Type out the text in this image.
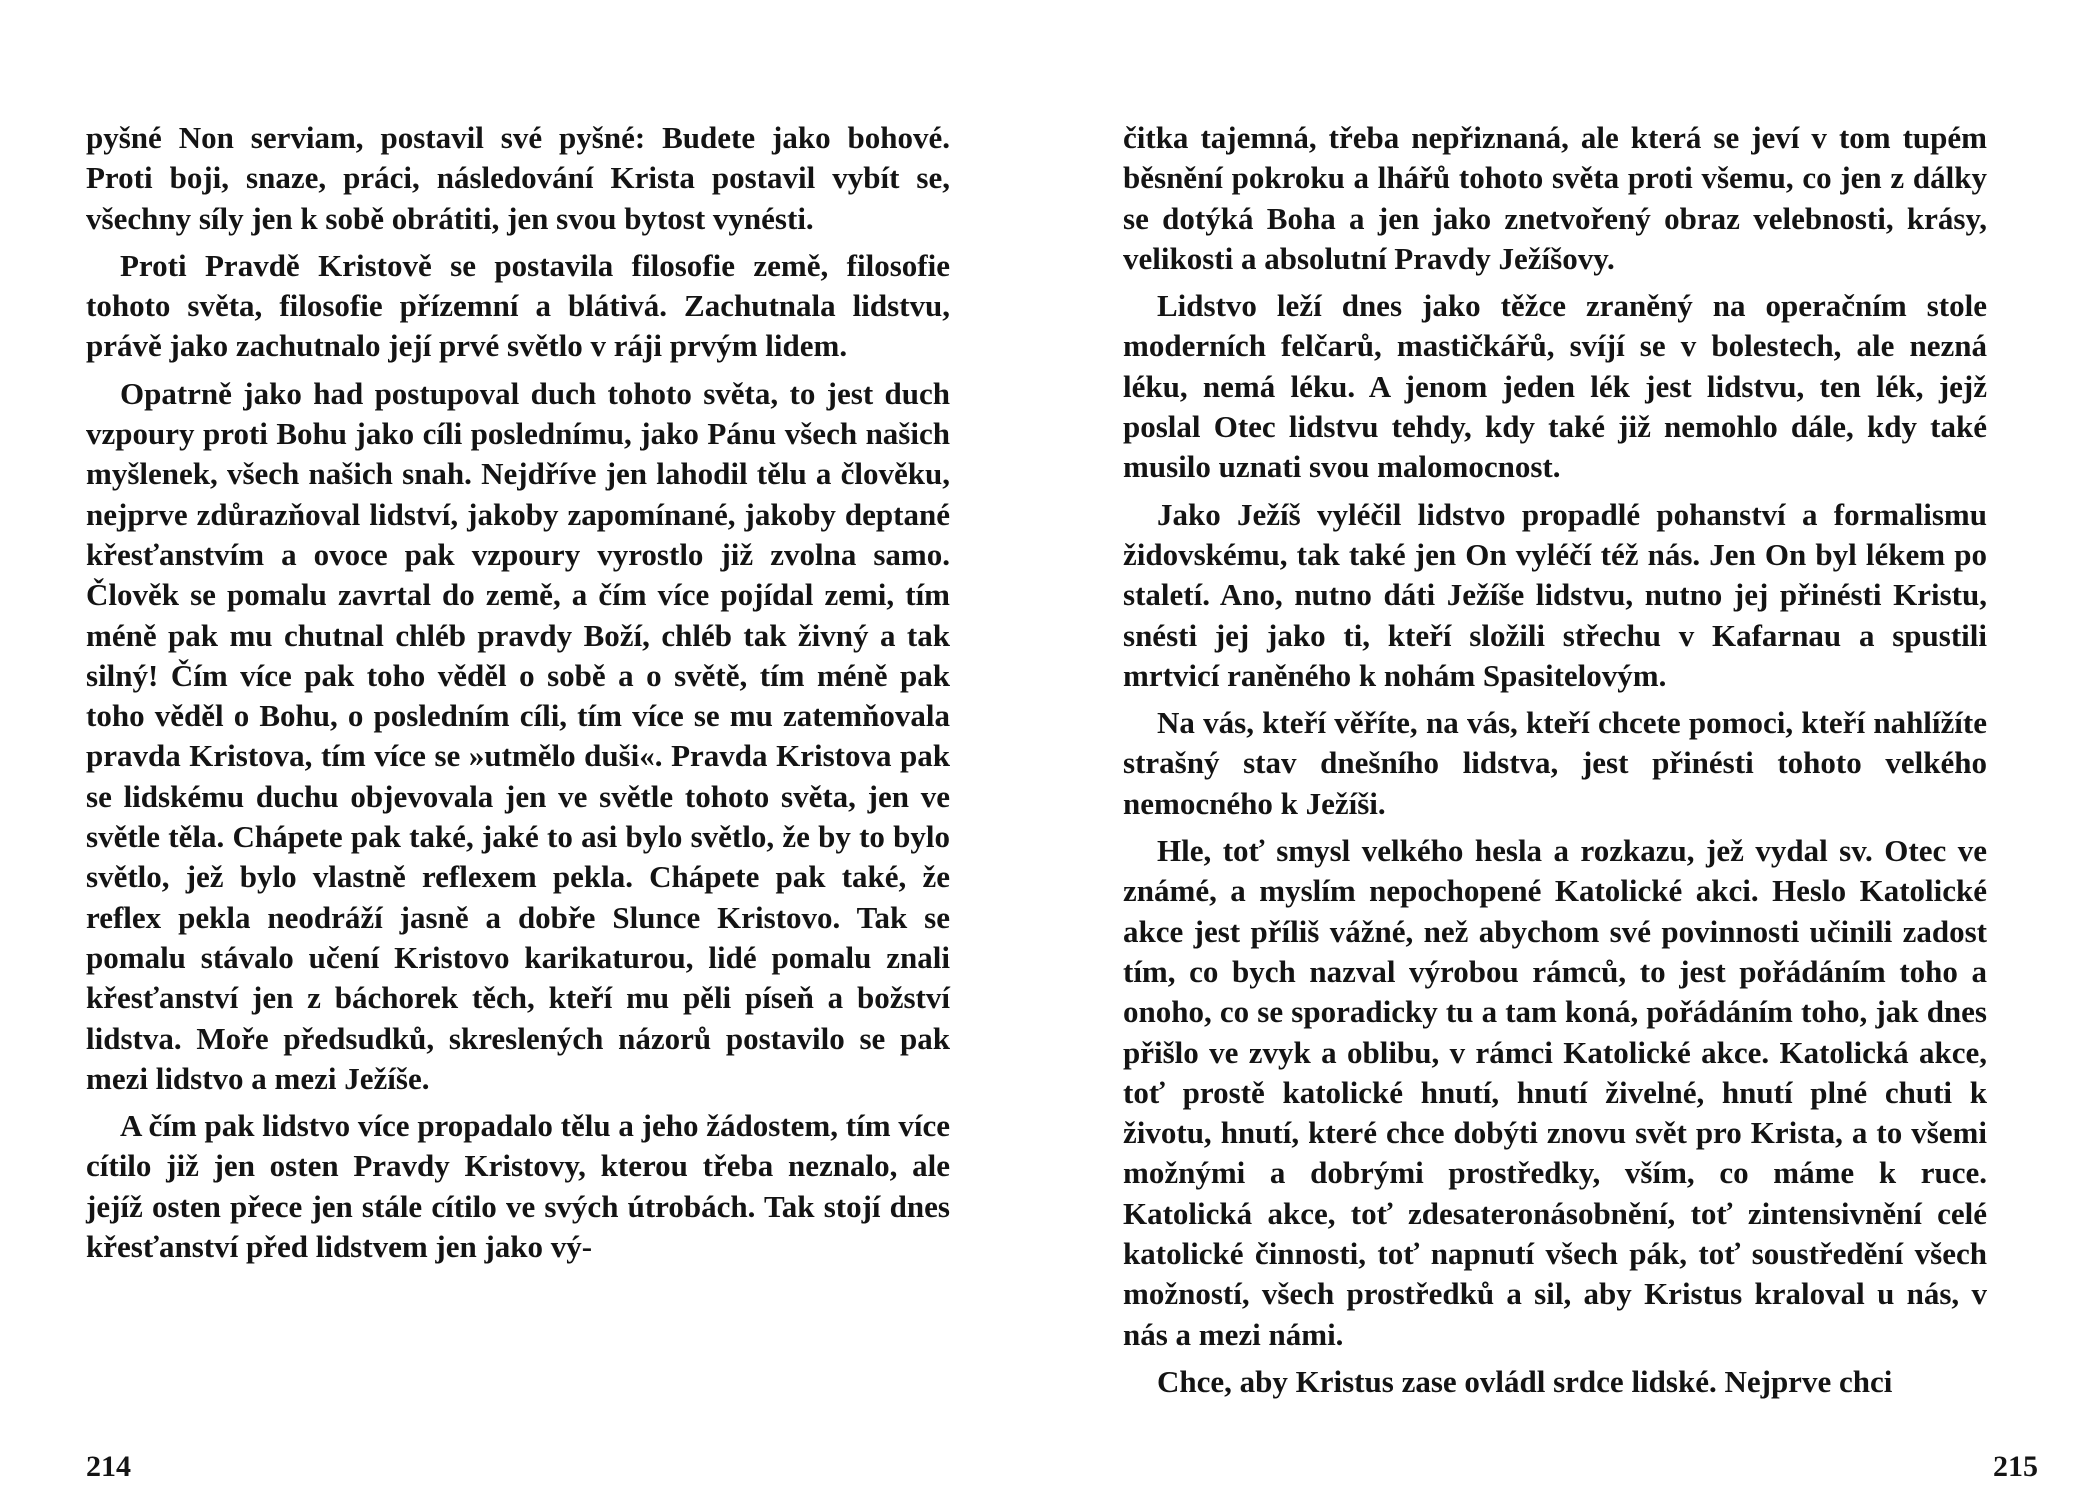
pyšné Non serviam, postavil své pyšné: Budete jako bohové. Proti boji, snaze, práci, následování Krista postavil vybít se, všechny síly jen k sobě obrátiti, jen svou bytost vynésti.

Proti Pravdě Kristově se postavila filosofie země, filosofie tohoto světa, filosofie přízemní a blátivá. Zachutnala lidstvu, právě jako zachutnalo její prvé světlo v ráji prvým lidem.

Opatrně jako had postupoval duch tohoto světa, to jest duch vzpoury proti Bohu jako cíli poslednímu, jako Pánu všech našich myšlenek, všech našich snah. Nejdříve jen lahodil tělu a člověku, nejprve zdůrazňoval lidství, jakoby zapomínané, jakoby deptané křesťanstvím a ovoce pak vzpoury vyrostlo již zvolna samo. Člověk se pomalu zavrtal do země, a čím více pojídal zemi, tím méně pak mu chutnal chléb pravdy Boží, chléb tak živný a tak silný! Čím více pak toho věděl o sobě a o světě, tím méně pak toho věděl o Bohu, o posledním cíli, tím více se mu zatemňovala pravda Kristova, tím více se »utmělo duši«. Pravda Kristova pak se lidskému duchu objevovala jen ve světle tohoto světa, jen ve světle těla. Chápete pak také, jaké to asi bylo světlo, že by to bylo světlo, jež bylo vlastně reflexem pekla. Chápete pak také, že reflex pekla neodráží jasně a dobře Slunce Kristovo. Tak se pomalu stávalo učení Kristovo karikaturou, lidé pomalu znali křesťanství jen z báchorek těch, kteří mu pěli píseň a božství lidstva. Moře předsudků, skreslených názorů postavilo se pak mezi lidstvo a mezi Ježíše.

A čím pak lidstvo více propadalo tělu a jeho žádostem, tím více cítilo již jen osten Pravdy Kristovy, kterou třeba neznalo, ale jejíž osten přece jen stále cítilo ve svých útrobách. Tak stojí dnes křesťanství před lidstvem jen jako vý-

214

čitka tajemná, třeba nepřiznaná, ale která se jeví v tom tupém běsnění pokroku a lhářů tohoto světa proti všemu, co jen z dálky se dotýká Boha a jen jako znetvořený obraz velebnosti, krásy, velikosti a absolutní Pravdy Ježíšovy.

Lidstvo leží dnes jako těžce zraněný na operačním stole moderních felčarů, mastičkářů, svíjí se v bolestech, ale nezná léku, nemá léku. A jenom jeden lék jest lidstvu, ten lék, jejž poslal Otec lidstvu tehdy, kdy také již nemohlo dále, kdy také musilo uznati svou malomocnost.

Jako Ježíš vyléčil lidstvo propadlé pohanství a formalismu židovskému, tak také jen On vyléčí též nás. Jen On byl lékem po staletí. Ano, nutno dáti Ježíše lidstvu, nutno jej přinésti Kristu, snésti jej jako ti, kteří složili střechu v Kafarnau a spustili mrtvicí raněného k nohám Spasitelovým.

Na vás, kteří věříte, na vás, kteří chcete pomoci, kteří nahlížíte strašný stav dnešního lidstva, jest přinésti tohoto velkého nemocného k Ježíši.

Hle, toť smysl velkého hesla a rozkazu, jež vydal sv. Otec ve známé, a myslím nepochopené Katolické akci. Heslo Katolické akce jest příliš vážné, než abychom své povinnosti učinili zadost tím, co bych nazval výrobou rámců, to jest pořádáním toho a onoho, co se sporadicky tu a tam koná, pořádáním toho, jak dnes přišlo ve zvyk a oblibu, v rámci Katolické akce. Katolická akce, toť prostě katolické hnutí, hnutí živelné, hnutí plné chuti k životu, hnutí, které chce dobýti znovu svět pro Krista, a to všemi možnými a dobrými prostředky, vším, co máme k ruce. Katolická akce, toť zdesateronásobnění, toť zintensivnění celé katolické činnosti, toť napnutí všech pák, toť soustředění všech možností, všech prostředků a sil, aby Kristus kraloval u nás, v nás a mezi námi.

Chce, aby Kristus zase ovládl srdce lidské. Nejprve chci

215
